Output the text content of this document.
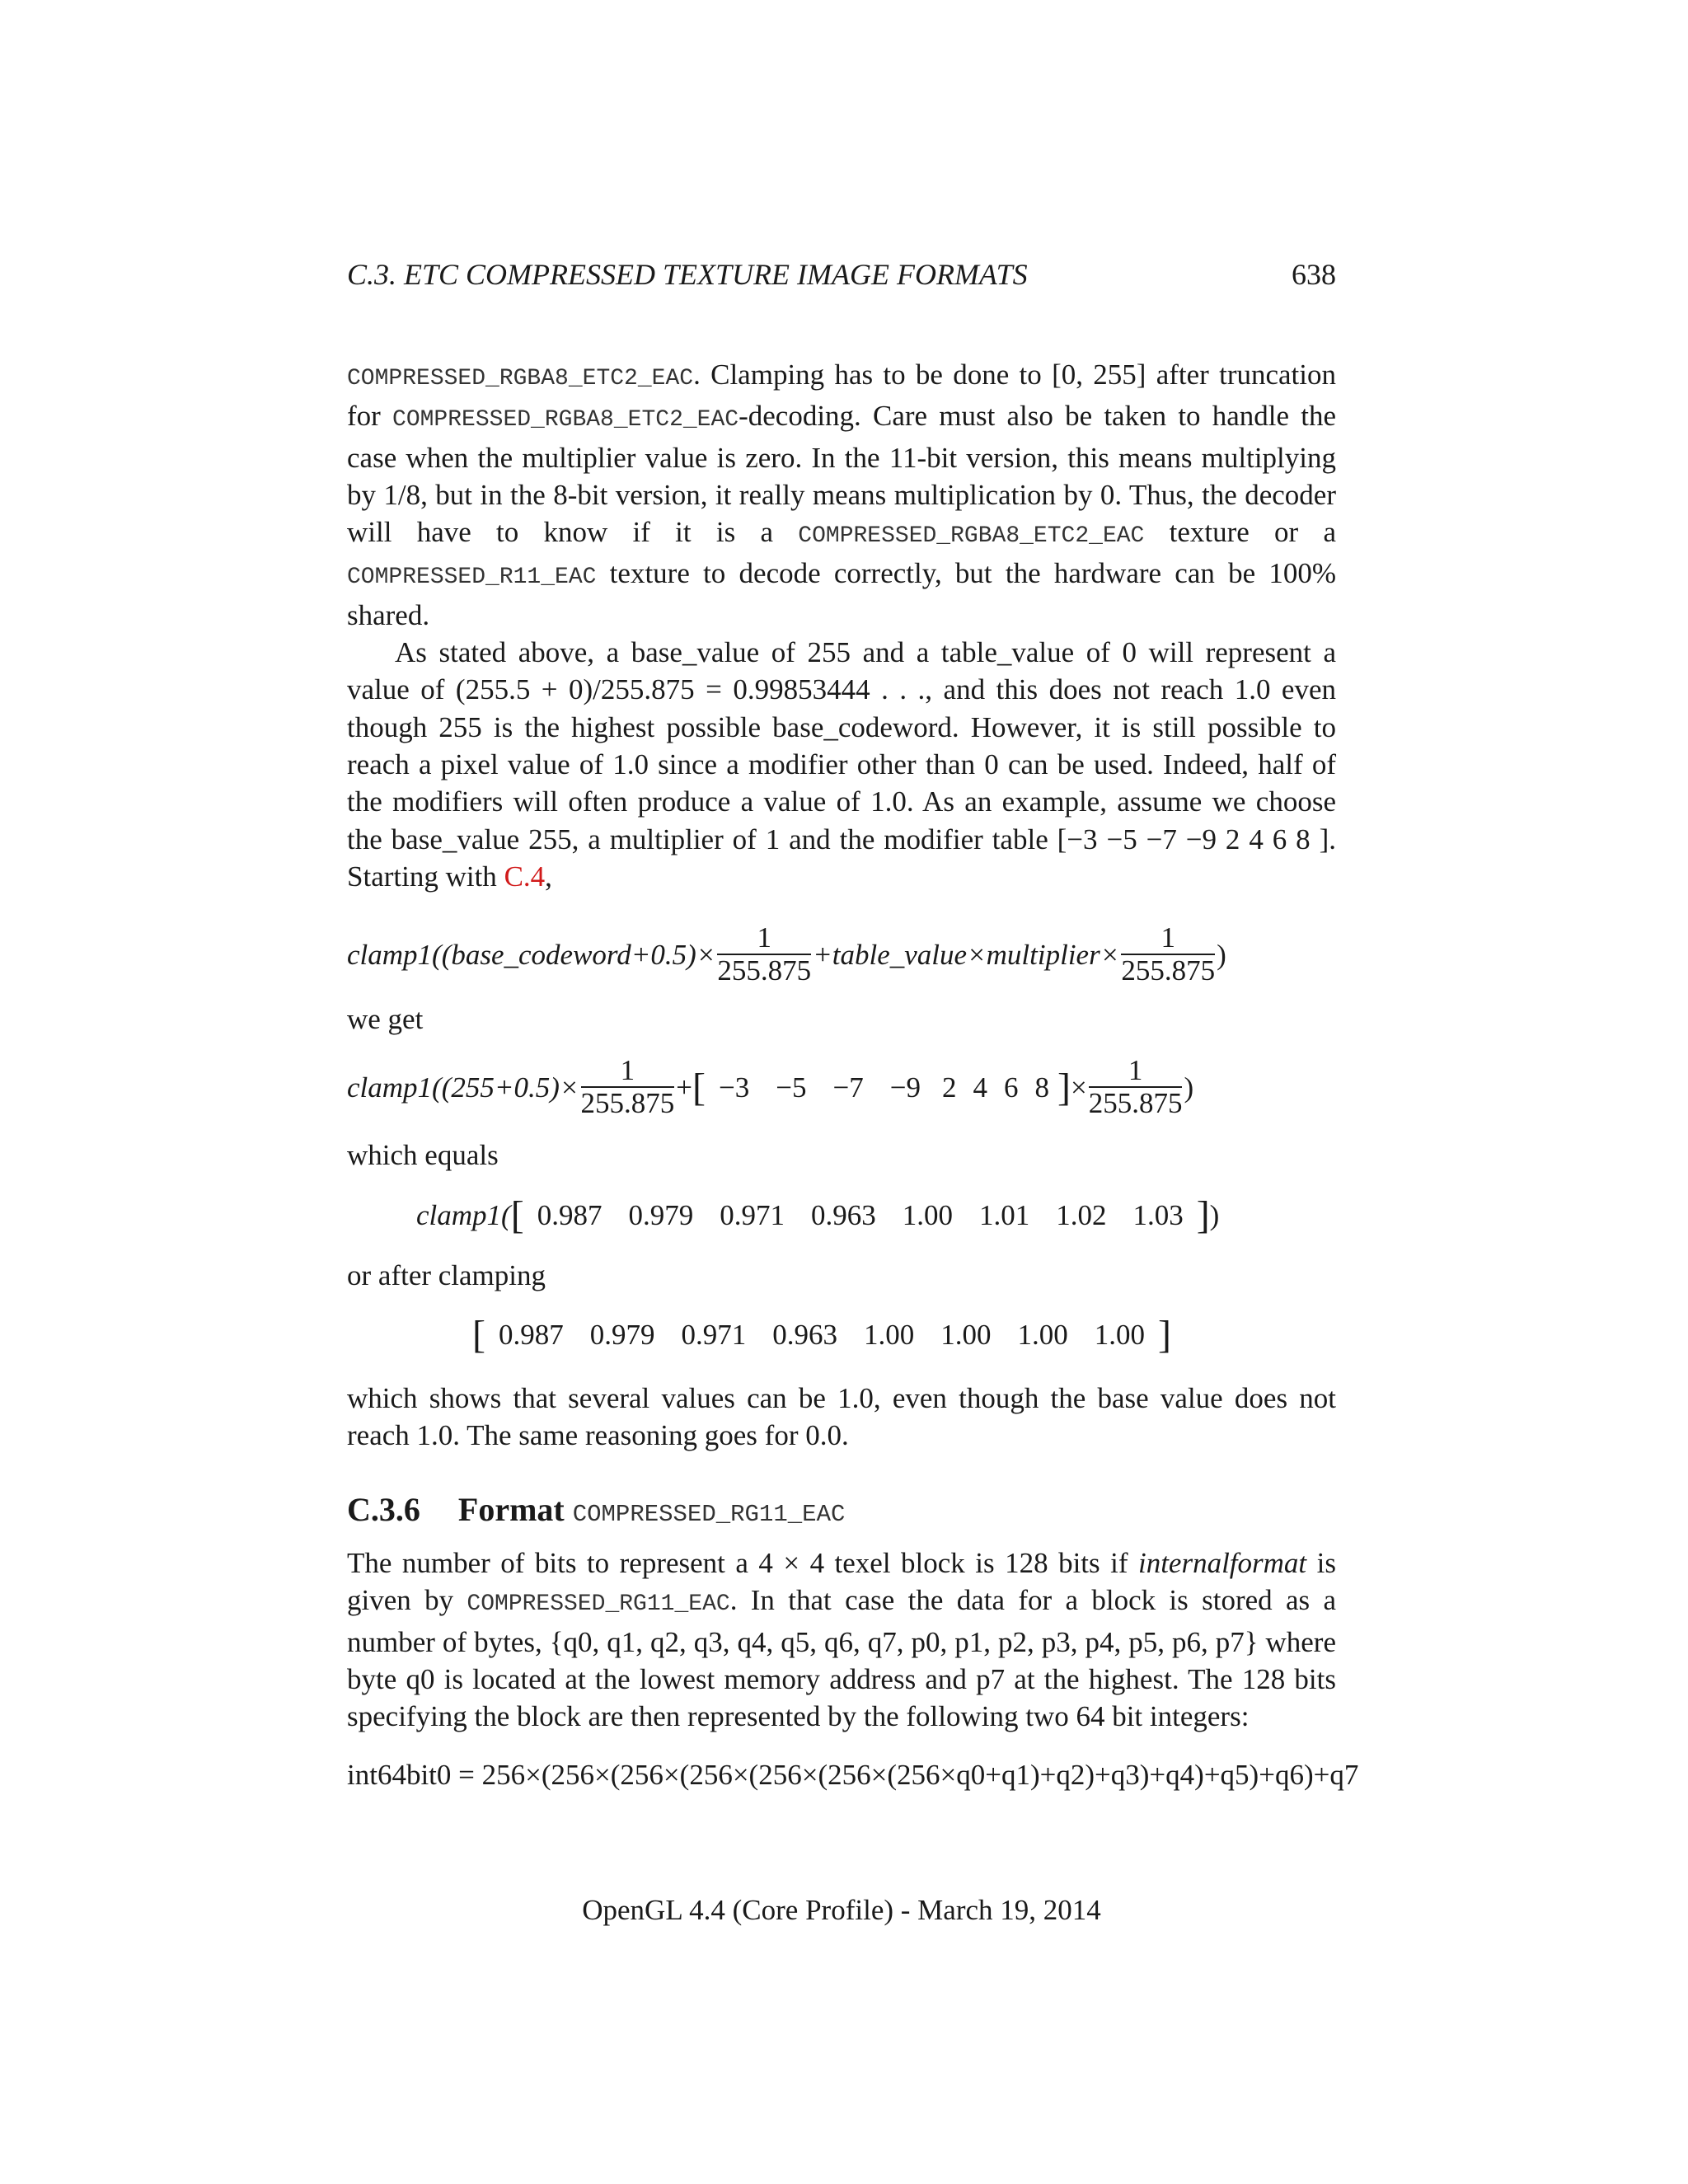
C.3. ETC COMPRESSED TEXTURE IMAGE FORMATS	638

COMPRESSED_RGBA8_ETC2_EAC. Clamping has to be done to [0, 255] after truncation for COMPRESSED_RGBA8_ETC2_EAC-decoding. Care must also be taken to handle the case when the multiplier value is zero. In the 11-bit version, this means multiplying by 1/8, but in the 8-bit version, it really means multiplication by 0. Thus, the decoder will have to know if it is a COMPRESSED_RGBA8_ETC2_EAC texture or a COMPRESSED_R11_EAC texture to decode correctly, but the hardware can be 100% shared.

As stated above, a base_value of 255 and a table_value of 0 will represent a value of (255.5 + 0)/255.875 = 0.99853444 . . ., and this does not reach 1.0 even though 255 is the highest possible base_codeword. However, it is still possible to reach a pixel value of 1.0 since a modifier other than 0 can be used. Indeed, half of the modifiers will often produce a value of 1.0. As an example, assume we choose the base_value 255, a multiplier of 1 and the modifier table [−3 −5 −7 −9 2 4 6 8 ]. Starting with C.4,

clamp1((base_codeword+0.5)× $\frac{1}{255.875}$ +table_value×multiplier× $\frac{1}{255.875}$ )

we get

clamp1((255+0.5)× $\frac{1}{255.875}$ + [ −3 −5 −7 −9 2 4 6 8 ] × $\frac{1}{255.875}$ )

which equals

clamp1( [ 0.987 0.979 0.971 0.963 1.00 1.01 1.02 1.03 ] )

or after clamping

[ 0.987 0.979 0.971 0.963 1.00 1.00 1.00 1.00 ]

which shows that several values can be 1.0, even though the base value does not reach 1.0. The same reasoning goes for 0.0.

C.3.6 Format COMPRESSED_RG11_EAC

The number of bits to represent a 4 × 4 texel block is 128 bits if internalformat is given by COMPRESSED_RG11_EAC. In that case the data for a block is stored as a number of bytes, {q0, q1, q2, q3, q4, q5, q6, q7, p0, p1, p2, p3, p4, p5, p6, p7} where byte q0 is located at the lowest memory address and p7 at the highest. The 128 bits specifying the block are then represented by the following two 64 bit integers:

int64bit0 = 256×(256×(256×(256×(256×(256×(256×q0+q1)+q2)+q3)+q4)+q5)+q6)+q7

OpenGL 4.4 (Core Profile) - March 19, 2014
